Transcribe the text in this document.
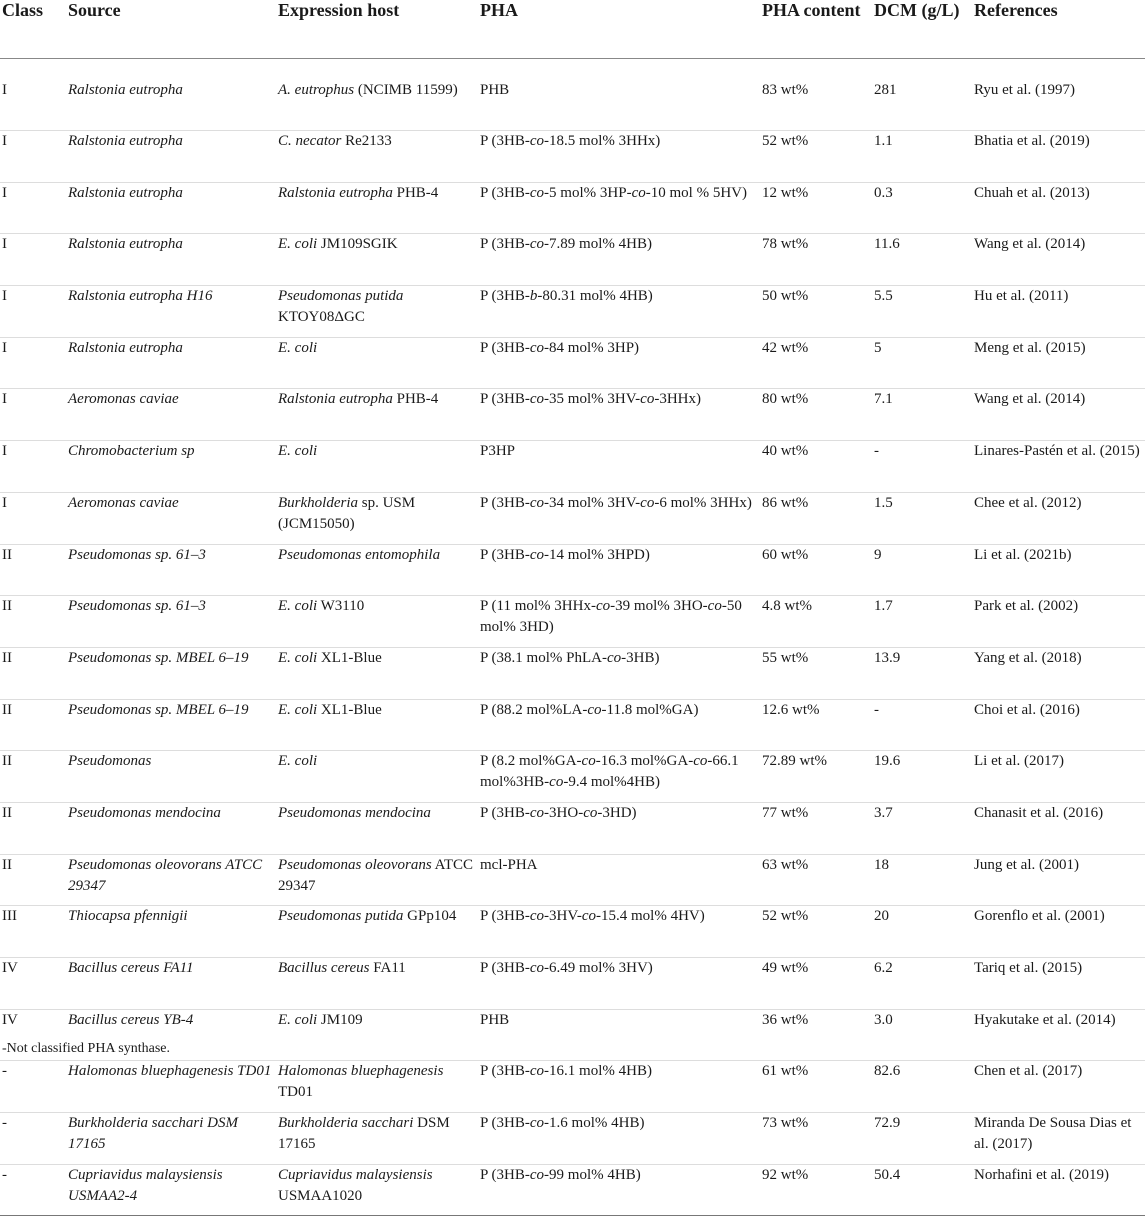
Class	Source	Expression host	PHA	PHA content	DCM (g/L)	References
I	Ralstonia eutropha	A. eutrophus (NCIMB 11599)	PHB	83 wt%	281	Ryu et al. (1997)
I	Ralstonia eutropha	C. necator Re2133	P (3HB-co-18.5 mol% 3HHx)	52 wt%	1.1	Bhatia et al. (2019)
I	Ralstonia eutropha	Ralstonia eutropha PHB-4	P (3HB-co-5 mol% 3HP-co-10 mol % 5HV)	12 wt%	0.3	Chuah et al. (2013)
I	Ralstonia eutropha	E. coli JM109SGIK	P (3HB-co-7.89 mol% 4HB)	78 wt%	11.6	Wang et al. (2014)
I	Ralstonia eutropha H16	Pseudomonas putida KTOY08ΔGC	P (3HB-b-80.31 mol% 4HB)	50 wt%	5.5	Hu et al. (2011)
I	Ralstonia eutropha	E. coli	P (3HB-co-84 mol% 3HP)	42 wt%	5	Meng et al. (2015)
I	Aeromonas caviae	Ralstonia eutropha PHB-4	P (3HB-co-35 mol% 3HV-co-3HHx)	80 wt%	7.1	Wang et al. (2014)
I	Chromobacterium sp	E. coli	P3HP	40 wt%	-	Linares-Pastén et al. (2015)
I	Aeromonas caviae	Burkholderia sp. USM (JCM15050)	P (3HB-co-34 mol% 3HV-co-6 mol% 3HHx)	86 wt%	1.5	Chee et al. (2012)
II	Pseudomonas sp. 61–3	Pseudomonas entomophila	P (3HB-co-14 mol% 3HPD)	60 wt%	9	Li et al. (2021b)
II	Pseudomonas sp. 61–3	E. coli W3110	P (11 mol% 3HHx-co-39 mol% 3HO-co-50 mol% 3HD)	4.8 wt%	1.7	Park et al. (2002)
II	Pseudomonas sp. MBEL 6–19	E. coli XL1-Blue	P (38.1 mol% PhLA-co-3HB)	55 wt%	13.9	Yang et al. (2018)
II	Pseudomonas sp. MBEL 6–19	E. coli XL1-Blue	P (88.2 mol%LA-co-11.8 mol%GA)	12.6 wt%	-	Choi et al. (2016)
II	Pseudomonas	E. coli	P (8.2 mol%GA-co-16.3 mol%GA-co-66.1 mol%3HB-co-9.4 mol%4HB)	72.89 wt%	19.6	Li et al. (2017)
II	Pseudomonas mendocina	Pseudomonas mendocina	P (3HB-co-3HO-co-3HD)	77 wt%	3.7	Chanasit et al. (2016)
II	Pseudomonas oleovorans ATCC 29347	Pseudomonas oleovorans ATCC 29347	mcl-PHA	63 wt%	18	Jung et al. (2001)
III	Thiocapsa pfennigii	Pseudomonas putida GPp104	P (3HB-co-3HV-co-15.4 mol% 4HV)	52 wt%	20	Gorenflo et al. (2001)
IV	Bacillus cereus FA11	Bacillus cereus FA11	P (3HB-co-6.49 mol% 3HV)	49 wt%	6.2	Tariq et al. (2015)
IV	Bacillus cereus YB-4	E. coli JM109	PHB	36 wt%	3.0	Hyakutake et al. (2014)
-	Halomonas bluephagenesis TD01	Halomonas bluephagenesis TD01	P (3HB-co-16.1 mol% 4HB)	61 wt%	82.6	Chen et al. (2017)
-	Burkholderia sacchari DSM 17165	Burkholderia sacchari DSM 17165	P (3HB-co-1.6 mol% 4HB)	73 wt%	72.9	Miranda De Sousa Dias et al. (2017)
-	Cupriavidus malaysiensis USMAA2-4	Cupriavidus malaysiensis USMAA1020	P (3HB-co-99 mol% 4HB)	92 wt%	50.4	Norhafini et al. (2019)
-Not classified PHA synthase.
